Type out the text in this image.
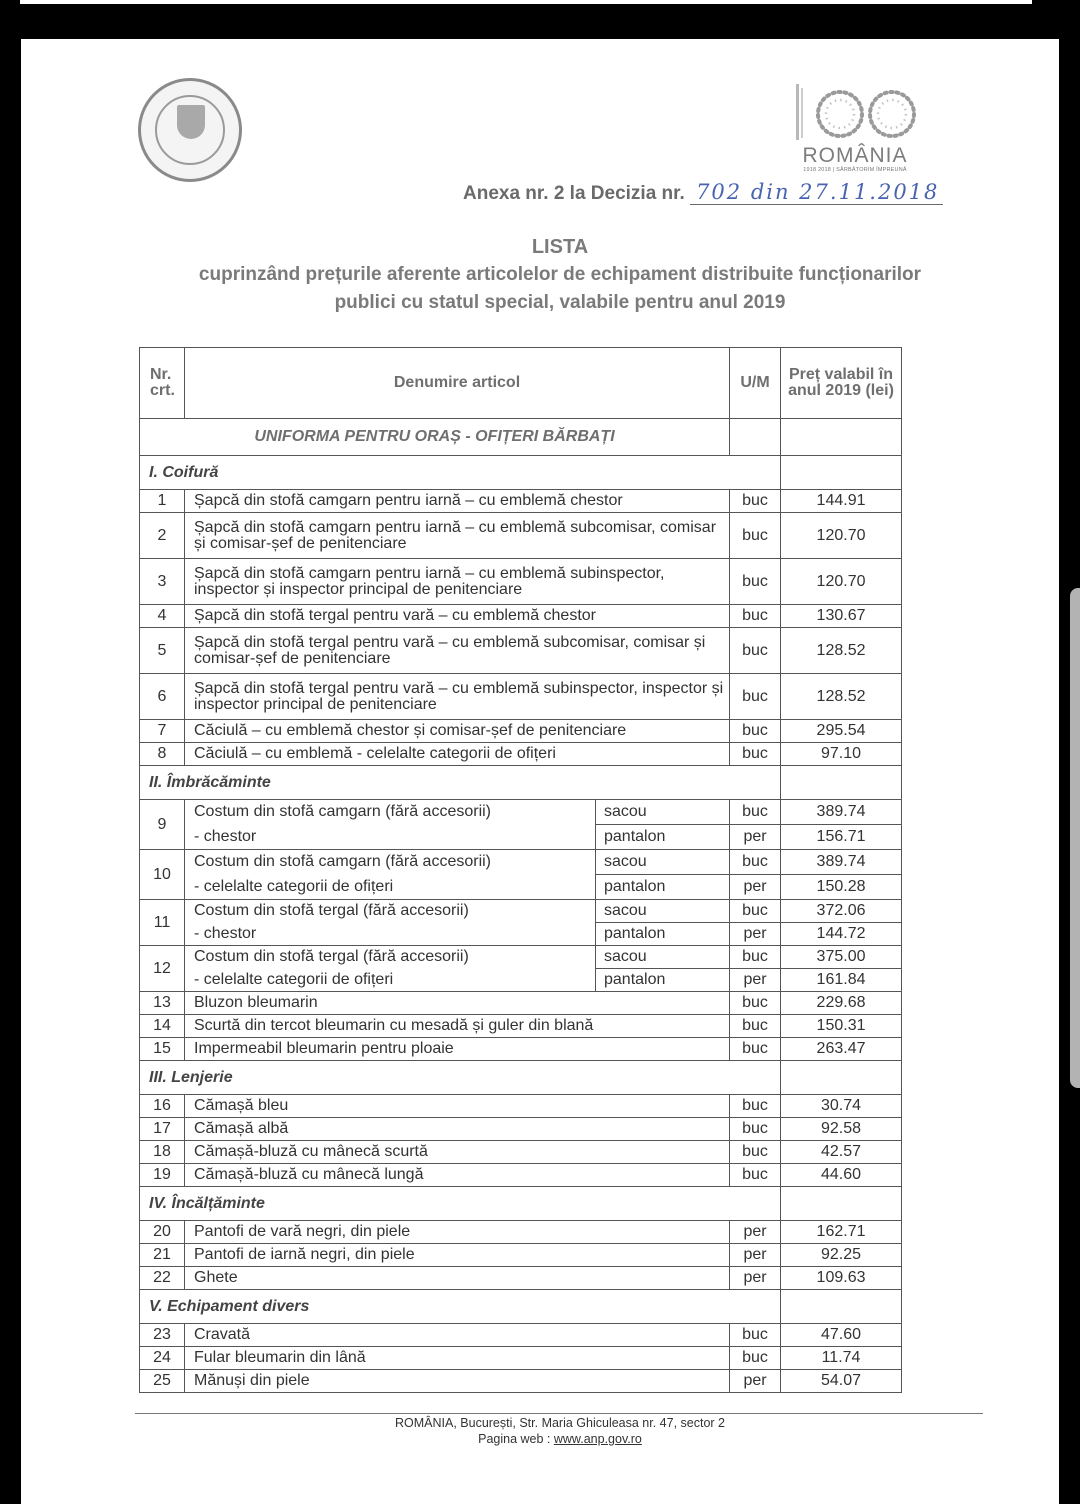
ROMÂNIA
1918 2018 | SĂRBĂTORIM ÎMPREUNĂ
Anexa nr. 2 la Decizia nr. 702 din 27.11.2018
LISTA
cuprinzând prețurile aferente articolelor de echipament distribuite funcționarilor
publici cu statul special, valabile pentru anul 2019
Nr. crt.	Denumire articol		U/M	Preț valabil în anul 2019 (lei)
UNIFORMA PENTRU ORAȘ - OFIȚERI BĂRBAȚI				
I. Coifură				
1	Șapcă din stofă camgarn pentru iarnă – cu emblemă chestor		buc	144.91
2	Șapcă din stofă camgarn pentru iarnă – cu emblemă subcomisar, comisar și comisar-șef de penitenciare		buc	120.70
3	Șapcă din stofă camgarn pentru iarnă – cu emblemă subinspector, inspector și inspector principal de penitenciare		buc	120.70
4	Șapcă din stofă tergal pentru vară – cu emblemă chestor		buc	130.67
5	Șapcă din stofă tergal pentru vară – cu emblemă subcomisar, comisar și comisar-șef de penitenciare		buc	128.52
6	Șapcă din stofă tergal pentru vară – cu emblemă subinspector, inspector și inspector principal de penitenciare		buc	128.52
7	Căciulă – cu emblemă chestor și comisar-șef de penitenciare		buc	295.54
8	Căciulă – cu emblemă - celelalte categorii de ofițeri		buc	97.10
II. Îmbrăcăminte				
9	Costum din stofă camgarn (fără accesorii)	sacou	buc	389.74
	- chestor	pantalon	per	156.71
10	Costum din stofă camgarn (fără accesorii)	sacou	buc	389.74
	- celelalte categorii de ofițeri	pantalon	per	150.28
11	Costum din stofă tergal (fără accesorii)	sacou	buc	372.06
	- chestor	pantalon	per	144.72
12	Costum din stofă tergal (fără accesorii)	sacou	buc	375.00
	- celelalte categorii de ofițeri	pantalon	per	161.84
13	Bluzon bleumarin		buc	229.68
14	Scurtă din tercot bleumarin cu mesadă și guler din blană		buc	150.31
15	Impermeabil bleumarin pentru ploaie		buc	263.47
III. Lenjerie				
16	Cămașă bleu		buc	30.74
17	Cămașă albă		buc	92.58
18	Cămașă-bluză cu mânecă scurtă		buc	42.57
19	Cămașă-bluză cu mânecă lungă		buc	44.60
IV. Încălțăminte				
20	Pantofi de vară negri, din piele		per	162.71
21	Pantofi de iarnă negri, din piele		per	92.25
22	Ghete		per	109.63
V. Echipament divers				
23	Cravată		buc	47.60
24	Fular bleumarin din lână		buc	11.74
25	Mănuși din piele		per	54.07
ROMÂNIA, București, Str. Maria Ghiculeasa nr. 47, sector 2
Pagina web : www.anp.gov.ro
